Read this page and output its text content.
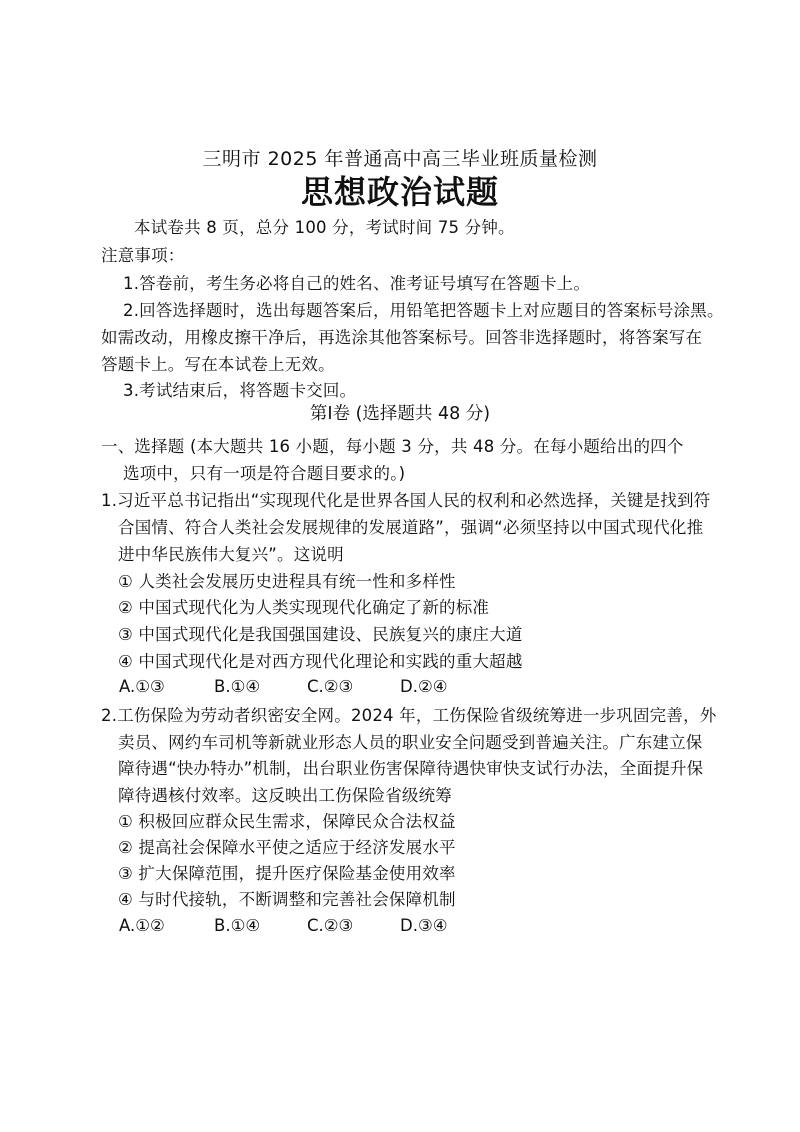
三明市 2025 年普通高中高三毕业班质量检测
思想政治试题
本试卷共 8 页，总分 100 分，考试时间 75 分钟。
注意事项：
1.答卷前，考生务必将自己的姓名、准考证号填写在答题卡上。
2.回答选择题时，选出每题答案后，用铅笔把答题卡上对应题目的答案标号涂黑。
如需改动，用橡皮擦干净后，再选涂其他答案标号。回答非选择题时，将答案写在
答题卡上。写在本试卷上无效。
3.考试结束后，将答题卡交回。
第Ⅰ卷 (选择题共 48 分)
一、选择题 (本大题共 16 小题，每小题 3 分，共 48 分。在每小题给出的四个
选项中，只有一项是符合题目要求的。)
1.习近平总书记指出“实现现代化是世界各国人民的权利和必然选择，关键是找到符
合国情、符合人类社会发展规律的发展道路”，强调“必须坚持以中国式现代化推
进中华民族伟大复兴”。这说明
① 人类社会发展历史进程具有统一性和多样性
② 中国式现代化为人类实现现代化确定了新的标准
③ 中国式现代化是我国强国建设、民族复兴的康庄大道
④ 中国式现代化是对西方现代化理论和实践的重大超越
A.①③	B.①④	C.②③	D.②④
2.工伤保险为劳动者织密安全网。2024 年，工伤保险省级统筹进一步巩固完善，外
卖员、网约车司机等新就业形态人员的职业安全问题受到普遍关注。广东建立保
障待遇“快办特办”机制，出台职业伤害保障待遇快审快支试行办法，全面提升保
障待遇核付效率。这反映出工伤保险省级统筹
① 积极回应群众民生需求，保障民众合法权益
② 提高社会保障水平使之适应于经济发展水平
③ 扩大保障范围，提升医疗保险基金使用效率
④ 与时代接轨，不断调整和完善社会保障机制
A.①②	B.①④	C.②③	D.③④
